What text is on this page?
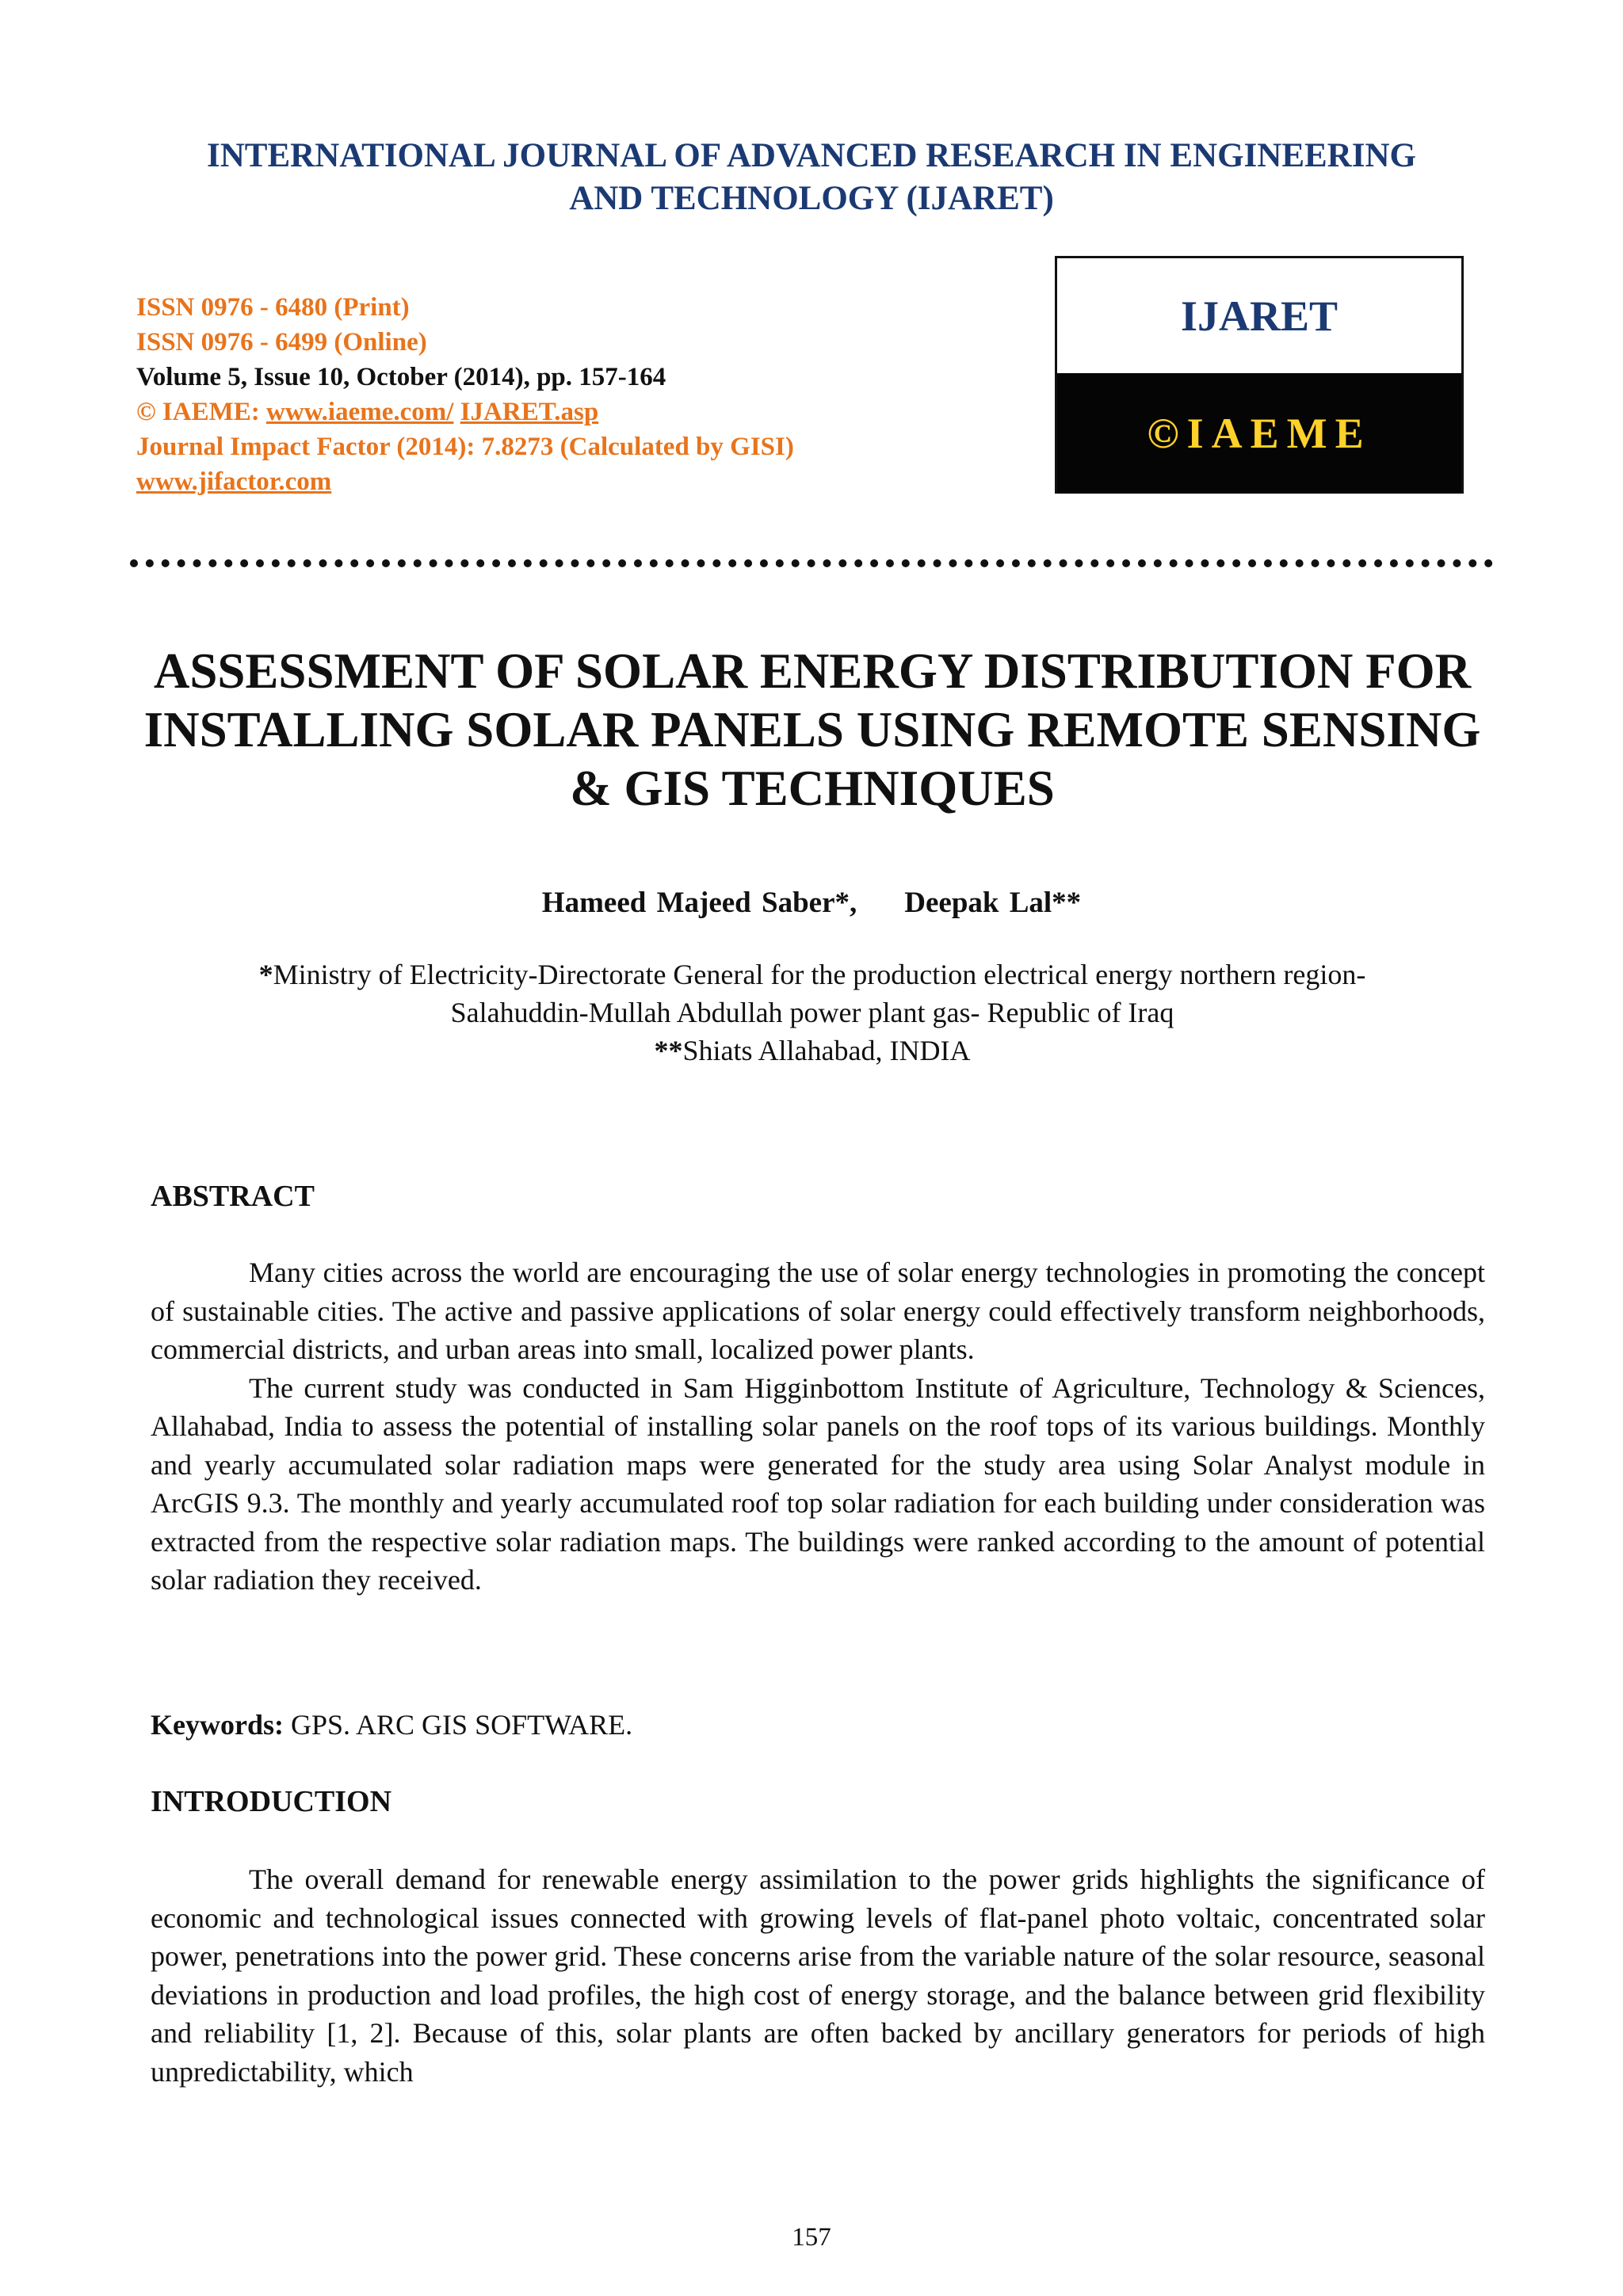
INTERNATIONAL JOURNAL OF ADVANCED RESEARCH IN ENGINEERING
AND TECHNOLOGY (IJARET)
ISSN 0976 - 6480 (Print)
ISSN 0976 - 6499 (Online)
Volume 5, Issue 10, October (2014), pp. 157-164
© IAEME: www.iaeme.com/ IJARET.asp
Journal Impact Factor (2014): 7.8273 (Calculated by GISI)
www.jifactor.com
IJARET
©IAEME
ASSESSMENT OF SOLAR ENERGY DISTRIBUTION FOR
INSTALLING SOLAR PANELS USING REMOTE SENSING
& GIS TECHNIQUES
Hameed Majeed Saber*, Deepak Lal**
*Ministry of Electricity-Directorate General for the production electrical energy northern region-
Salahuddin-Mullah Abdullah power plant gas- Republic of Iraq
**Shiats Allahabad, INDIA
ABSTRACT

Many cities across the world are encouraging the use of solar energy technologies in promoting the concept of sustainable cities. The active and passive applications of solar energy could effectively transform neighborhoods, commercial districts, and urban areas into small, localized power plants.

The current study was conducted in Sam Higginbottom Institute of Agriculture, Technology & Sciences, Allahabad, India to assess the potential of installing solar panels on the roof tops of its various buildings. Monthly and yearly accumulated solar radiation maps were generated for the study area using Solar Analyst module in ArcGIS 9.3. The monthly and yearly accumulated roof top solar radiation for each building under consideration was extracted from the respective solar radiation maps. The buildings were ranked according to the amount of potential solar radiation they received.

Keywords: GPS. ARC GIS SOFTWARE.
INTRODUCTION

The overall demand for renewable energy assimilation to the power grids highlights the significance of economic and technological issues connected with growing levels of flat-panel photo voltaic, concentrated solar power, penetrations into the power grid. These concerns arise from the variable nature of the solar resource, seasonal deviations in production and load profiles, the high cost of energy storage, and the balance between grid flexibility and reliability [1, 2]. Because of this, solar plants are often backed by ancillary generators for periods of high unpredictability, which

157
